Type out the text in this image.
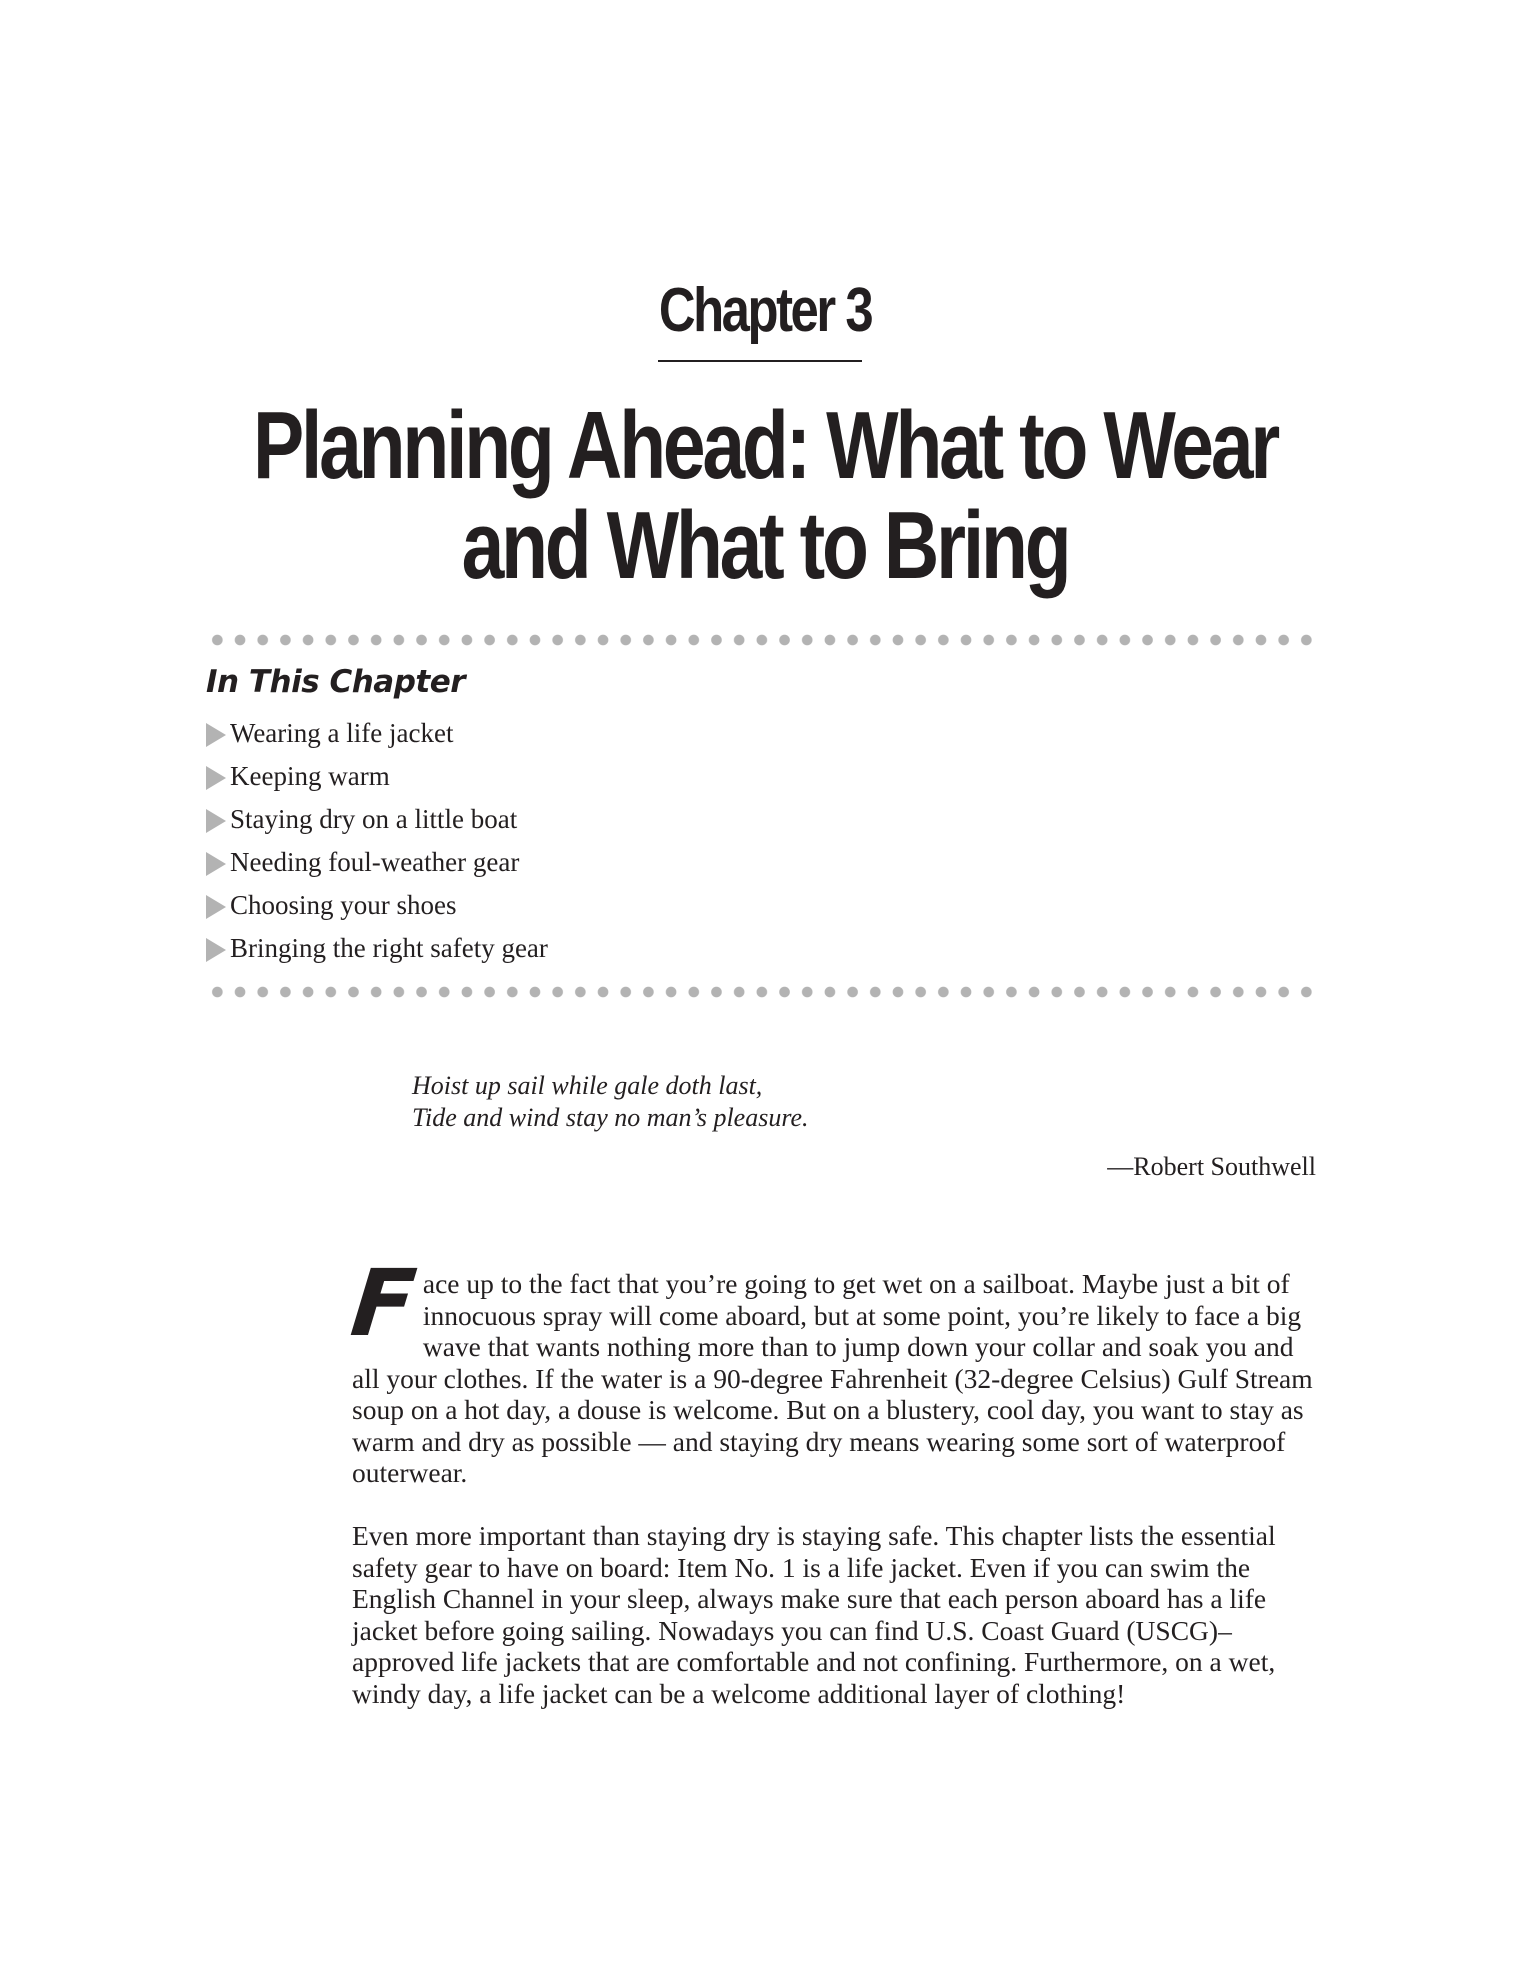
Chapter 3
Planning Ahead: What to Wear
and What to Bring
In This Chapter
Wearing a life jacket
Keeping warm
Staying dry on a little boat
Needing foul-weather gear
Choosing your shoes
Bringing the right safety gear

Hoist up sail while gale doth last,
Tide and wind stay no man’s pleasure.

—Robert Southwell

Face up to the fact that you’re going to get wet on a sailboat. Maybe just a bit of innocuous spray will come aboard, but at some point, you’re likely to face a big wave that wants nothing more than to jump down your collar and soak you and all your clothes. If the water is a 90-degree Fahrenheit (32-degree Celsius) Gulf Stream soup on a hot day, a douse is welcome. But on a blustery, cool day, you want to stay as warm and dry as possible — and staying dry means wearing some sort of waterproof outerwear.

Even more important than staying dry is staying safe. This chapter lists the essential safety gear to have on board: Item No. 1 is a life jacket. Even if you can swim the English Channel in your sleep, always make sure that each person aboard has a life jacket before going sailing. Nowadays you can find U.S. Coast Guard (USCG)–approved life jackets that are comfortable and not confining. Furthermore, on a wet, windy day, a life jacket can be a welcome additional layer of clothing!
